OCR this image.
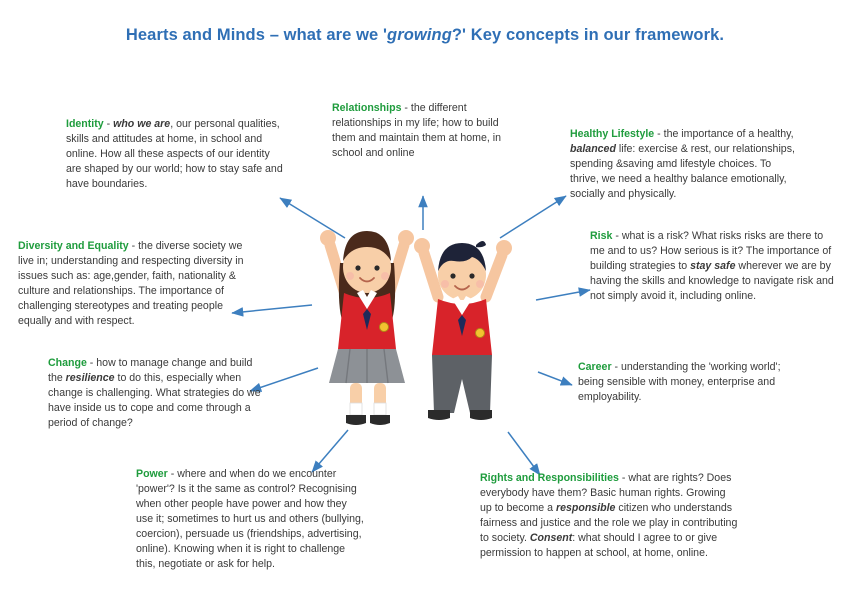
Hearts and Minds – what are we 'growing?' Key concepts in our framework.
Identity - who we are, our personal qualities, skills and attitudes at home, in school and online. How all these aspects of our identity are shaped by our world; how to stay safe and have boundaries.
Relationships - the different relationships in my life; how to build them and maintain them at home, in school and online
Healthy Lifestyle - the importance of a healthy, balanced life: exercise & rest, our relationships, spending &saving amd lifestyle choices. To thrive, we need a healthy balance emotionally, socially and physically.
Diversity and Equality - the diverse society we live in; understanding and respecting diversity in issues such as: age,gender, faith, nationality & culture and relationships. The importance of challenging stereotypes and treating people equally and with respect.
Risk - what is a risk? What risks risks are there to me and to us? How serious is it? The importance of building strategies to stay safe wherever we are by having the skills and knowledge to navigate risk and not simply avoid it, including online.
Change - how to manage change and build the resilience to do this, especially when change is challenging. What strategies do we have inside us to cope and come through a period of change?
Career - understanding the 'working world'; being sensible with money, enterprise and employability.
Power - where and when do we encounter 'power'? Is it the same as control? Recognising when other people have power and how they use it; sometimes to hurt us and others (bullying, coercion), persuade us (friendships, advertising, online). Knowing when it is right to challenge this, negotiate or ask for help.
Rights and Responsibilities - what are rights? Does everybody have them? Basic human rights. Growing up to become a responsible citizen who understands fairness and justice and the role we play in contributing to society. Consent: what should I agree to or give permission to happen at school, at home, online.
